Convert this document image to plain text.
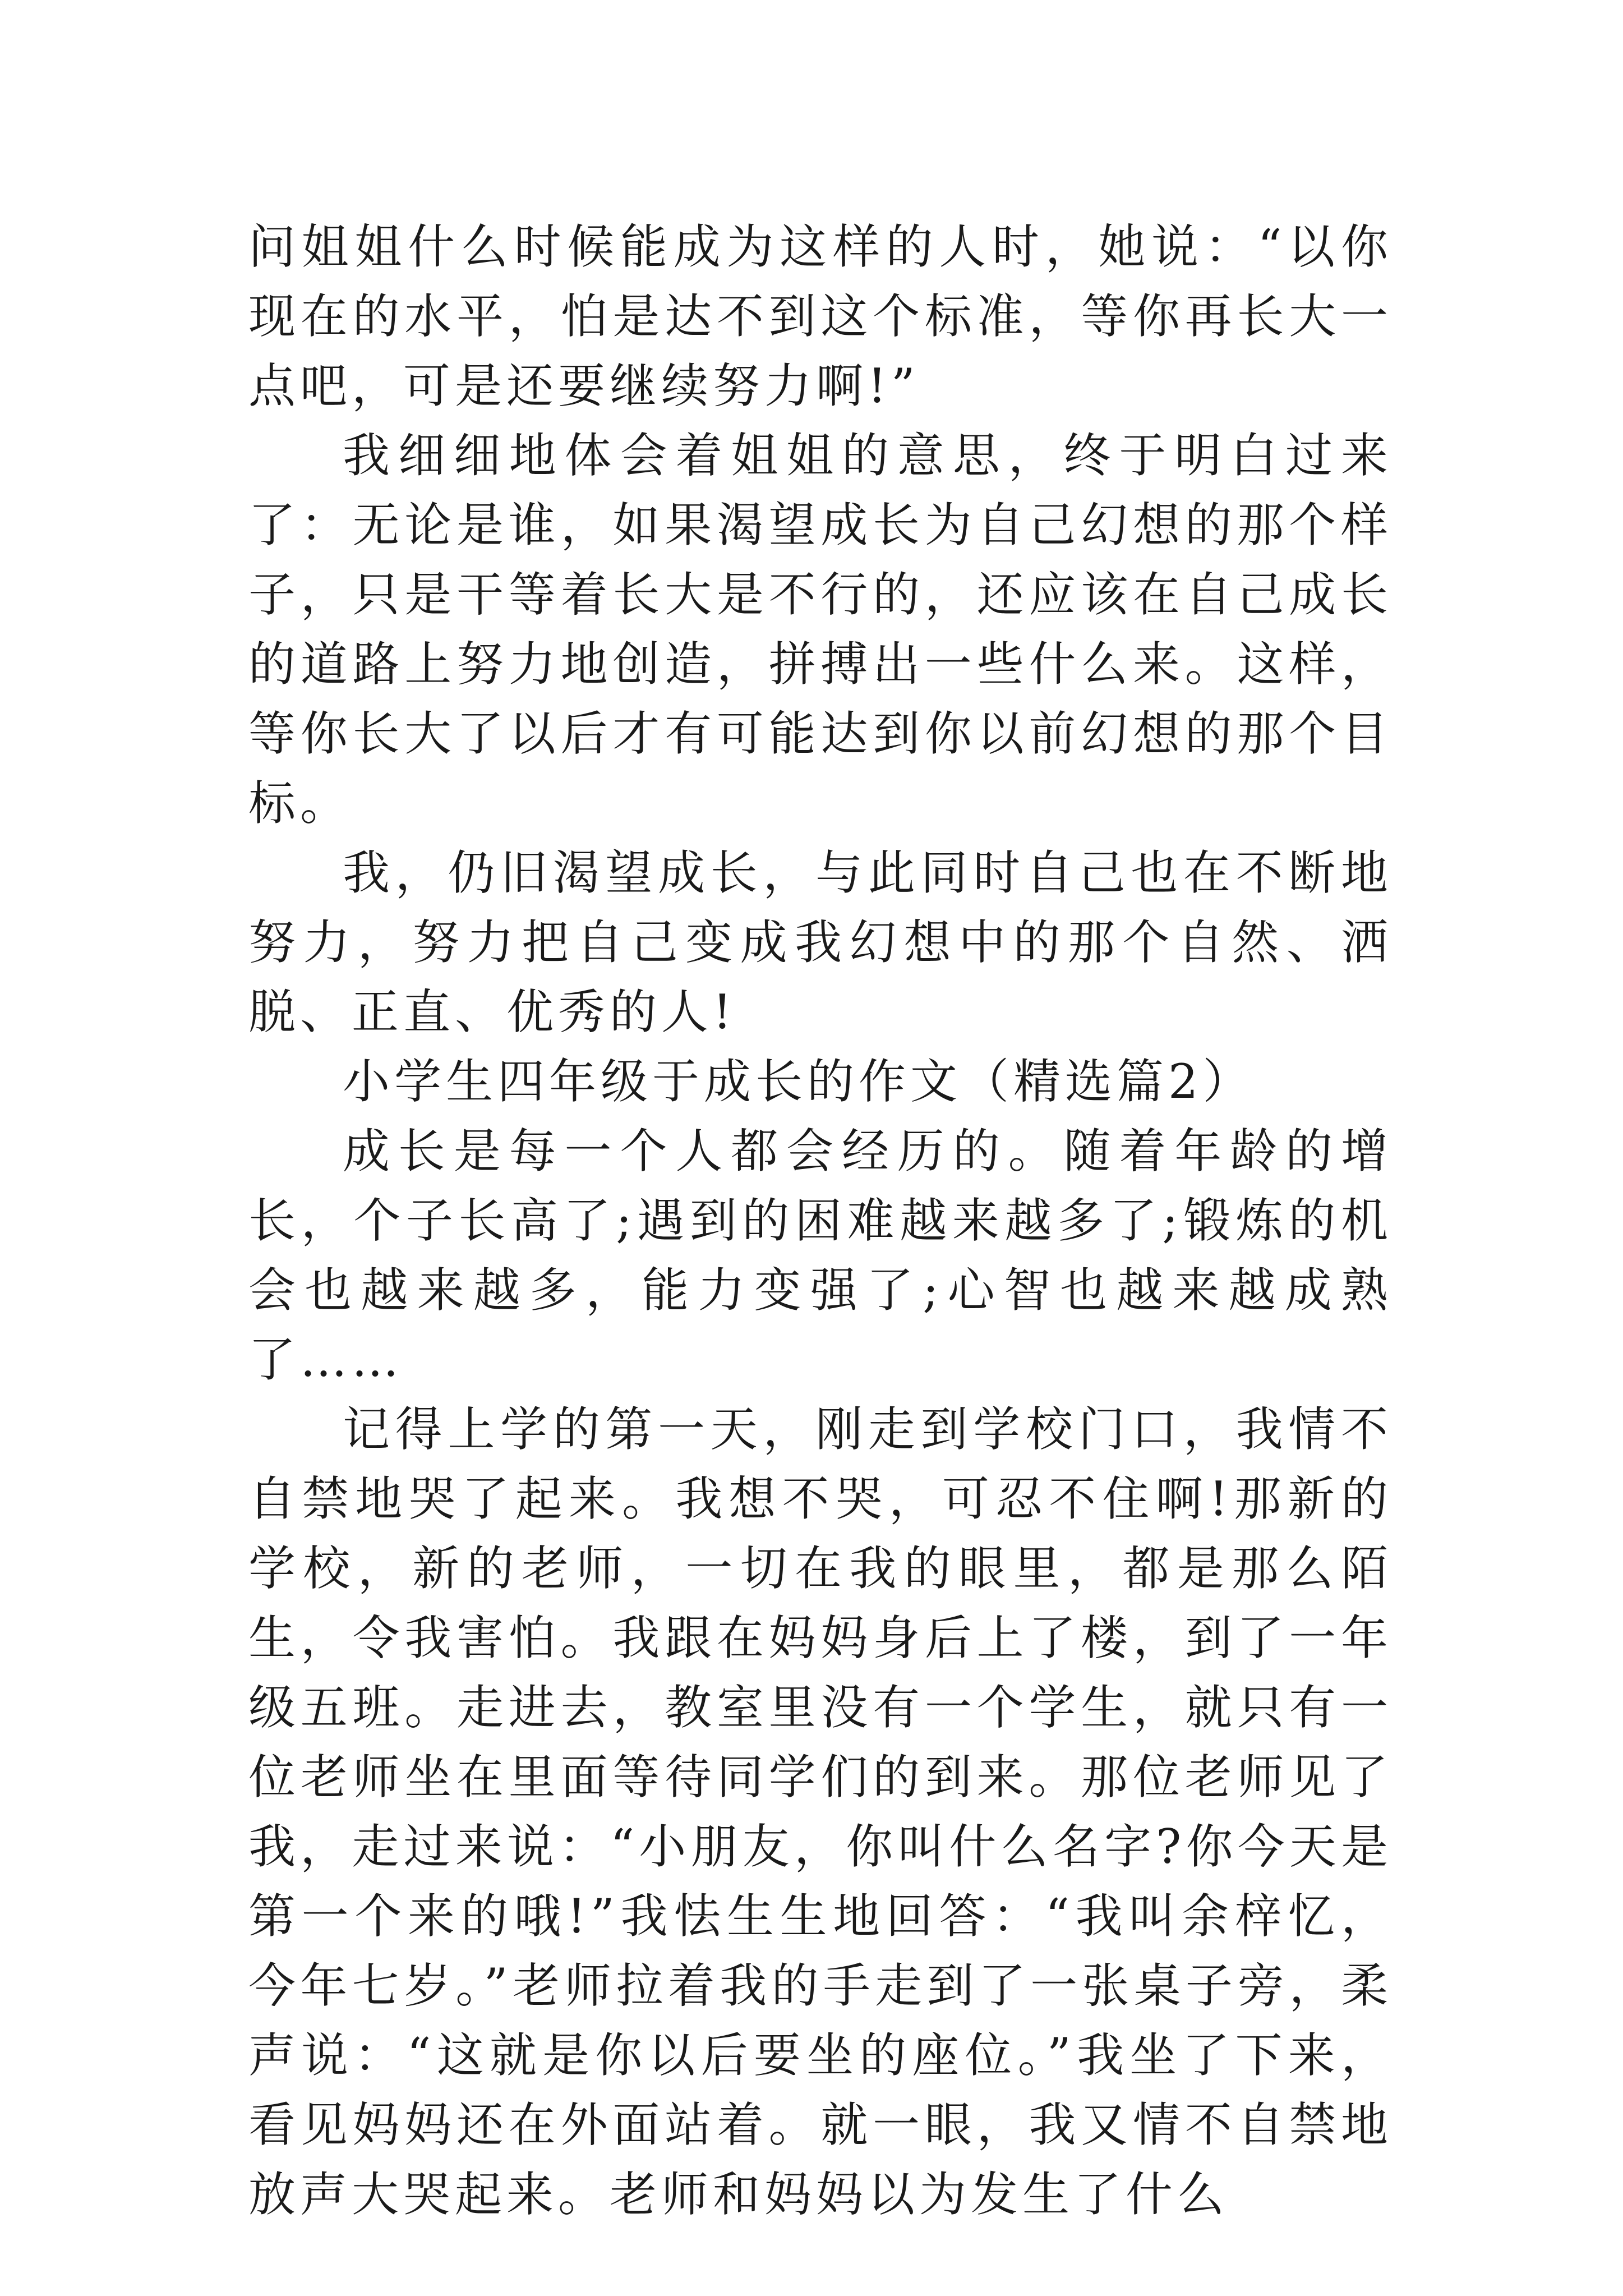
问姐姐什么时候能成为这样的人时，她说：“以你现在的水平，怕是达不到这个标准，等你再长大一点吧，可是还要继续努力啊!”

我细细地体会着姐姐的意思，终于明白过来了：无论是谁，如果渴望成长为自己幻想的那个样子，只是干等着长大是不行的，还应该在自己成长的道路上努力地创造，拼搏出一些什么来。这样，等你长大了以后才有可能达到你以前幻想的那个目标。

我，仍旧渴望成长，与此同时自己也在不断地努力，努力把自己变成我幻想中的那个自然、洒脱、正直、优秀的人!

小学生四年级于成长的作文（精选篇2）

成长是每一个人都会经历的。随着年龄的增长，个子长高了;遇到的困难越来越多了;锻炼的机会也越来越多，能力变强了;心智也越来越成熟了……

记得上学的第一天，刚走到学校门口，我情不自禁地哭了起来。我想不哭，可忍不住啊!那新的学校，新的老师，一切在我的眼里，都是那么陌生，令我害怕。我跟在妈妈身后上了楼，到了一年级五班。走进去，教室里没有一个学生，就只有一位老师坐在里面等待同学们的到来。那位老师见了我，走过来说：“小朋友，你叫什么名字?你今天是第一个来的哦!”我怯生生地回答：“我叫余梓忆，今年七岁。”老师拉着我的手走到了一张桌子旁，柔声说：“这就是你以后要坐的座位。”我坐了下来，看见妈妈还在外面站着。就一眼，我又情不自禁地放声大哭起来。老师和妈妈以为发生了什么
